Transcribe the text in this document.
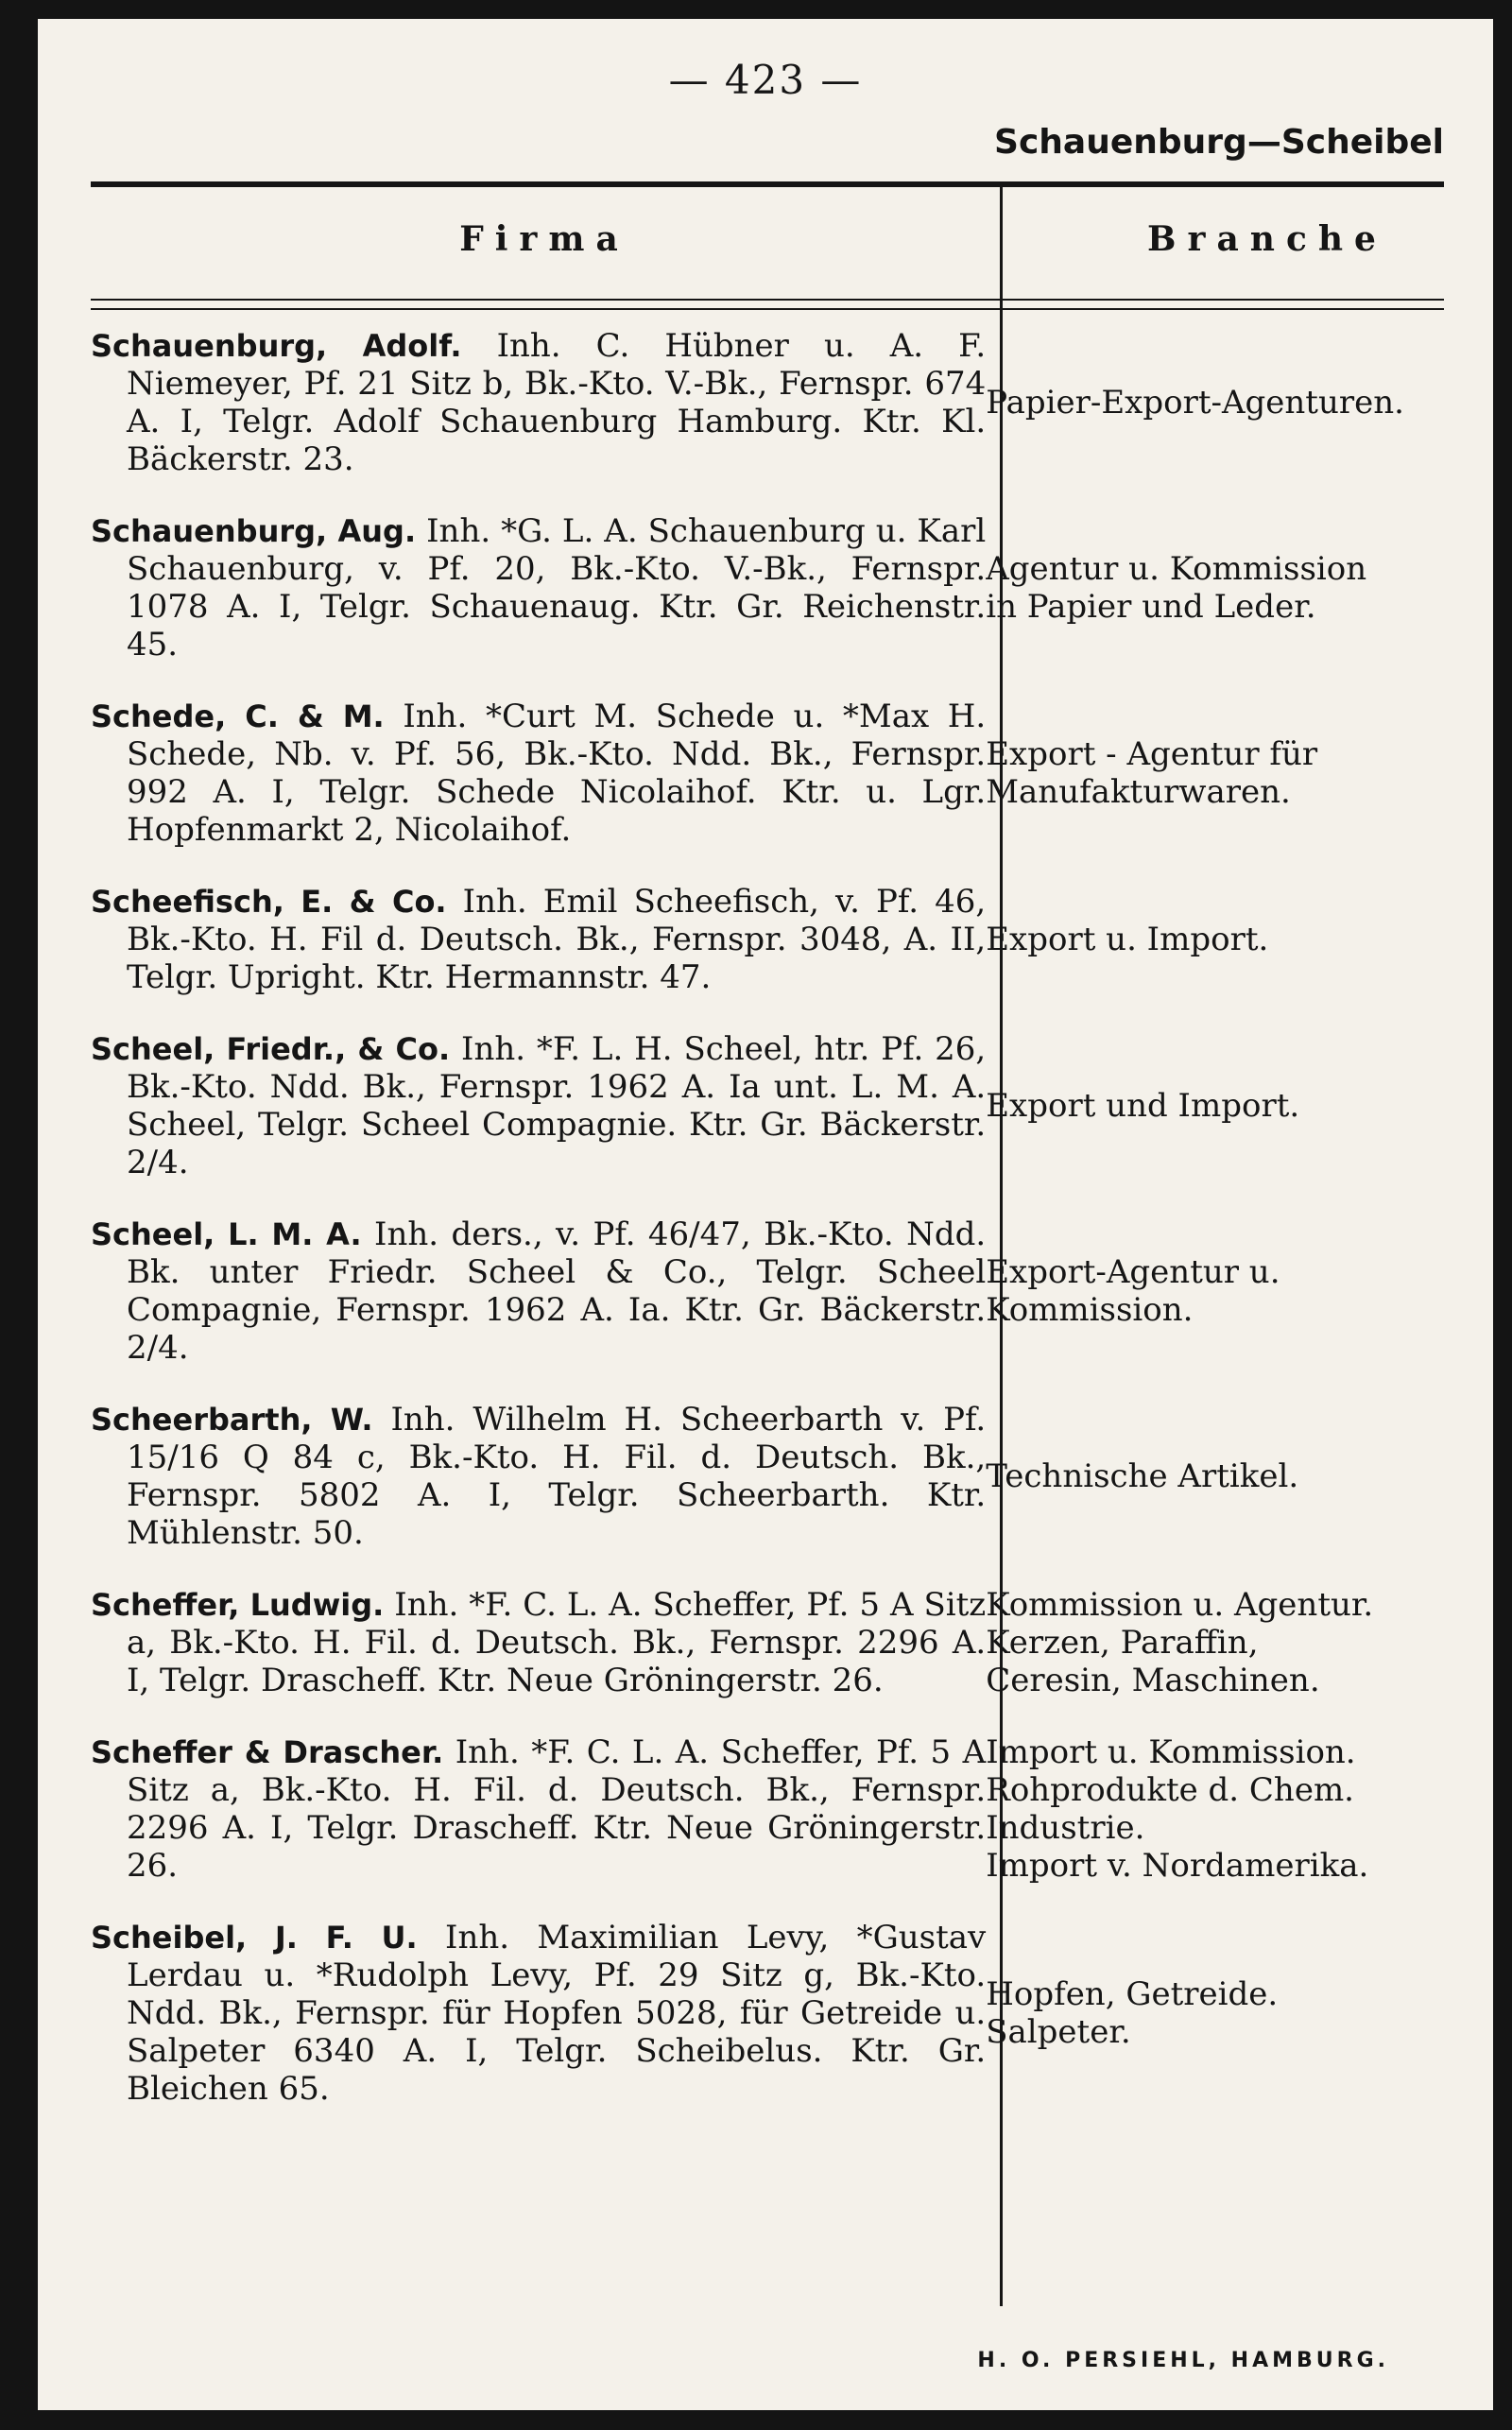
— 423 —
Schauenburg—Scheibel
Firma	Branche
Schauenburg, Adolf. Inh. C. Hübner u. A. F. Niemeyer, Pf. 21 Sitz b, Bk.-Kto. V.-Bk., Fernspr. 674 A. I, Telgr. Adolf Schauenburg Hamburg. Ktr. Kl. Bäckerstr. 23.
Papier-Export-Agenturen.
Schauenburg, Aug. Inh. *G. L. A. Schauenburg u. Karl Schauenburg, v. Pf. 20, Bk.-Kto. V.-Bk., Fernspr. 1078 A. I, Telgr. Schauenaug. Ktr. Gr. Reichenstr. 45.
Agentur u. Kommission
in Papier und Leder.
Schede, C. & M. Inh. *Curt M. Schede u. *Max H. Schede, Nb. v. Pf. 56, Bk.-Kto. Ndd. Bk., Fernspr. 992 A. I, Telgr. Schede Nicolaihof. Ktr. u. Lgr. Hopfenmarkt 2, Nicolaihof.
Export - Agentur für
Manufakturwaren.
Scheefisch, E. & Co. Inh. Emil Scheefisch, v. Pf. 46, Bk.-Kto. H. Fil d. Deutsch. Bk., Fernspr. 3048, A. II, Telgr. Upright. Ktr. Hermannstr. 47.
Export u. Import.
Scheel, Friedr., & Co. Inh. *F. L. H. Scheel, htr. Pf. 26, Bk.-Kto. Ndd. Bk., Fernspr. 1962 A. Ia unt. L. M. A. Scheel, Telgr. Scheel Compagnie. Ktr. Gr. Bäckerstr. 2/4.
Export und Import.
Scheel, L. M. A. Inh. ders., v. Pf. 46/47, Bk.-Kto. Ndd. Bk. unter Friedr. Scheel & Co., Telgr. Scheel Compagnie, Fernspr. 1962 A. Ia. Ktr. Gr. Bäckerstr. 2/4.
Export-Agentur u.
Kommission.
Scheerbarth, W. Inh. Wilhelm H. Scheerbarth v. Pf. 15/16 Q 84 c, Bk.-Kto. H. Fil. d. Deutsch. Bk., Fernspr. 5802 A. I, Telgr. Scheerbarth. Ktr. Mühlenstr. 50.
Technische Artikel.
Scheffer, Ludwig. Inh. *F. C. L. A. Scheffer, Pf. 5 A Sitz a, Bk.-Kto. H. Fil. d. Deutsch. Bk., Fernspr. 2296 A. I, Telgr. Drascheff. Ktr. Neue Gröningerstr. 26.
Kommission u. Agentur.
Kerzen, Paraffin,
Ceresin, Maschinen.
Scheffer & Drascher. Inh. *F. C. L. A. Scheffer, Pf. 5 A Sitz a, Bk.-Kto. H. Fil. d. Deutsch. Bk., Fernspr. 2296 A. I, Telgr. Drascheff. Ktr. Neue Gröningerstr. 26.
Import u. Kommission.
Rohprodukte d. Chem.
Industrie.
Import v. Nordamerika.
Scheibel, J. F. U. Inh. Maximilian Levy, *Gustav Lerdau u. *Rudolph Levy, Pf. 29 Sitz g, Bk.-Kto. Ndd. Bk., Fernspr. für Hopfen 5028, für Getreide u. Salpeter 6340 A. I, Telgr. Scheibelus. Ktr. Gr. Bleichen 65.
Hopfen, Getreide.
Salpeter.
H. O. PERSIEHL, HAMBURG.
